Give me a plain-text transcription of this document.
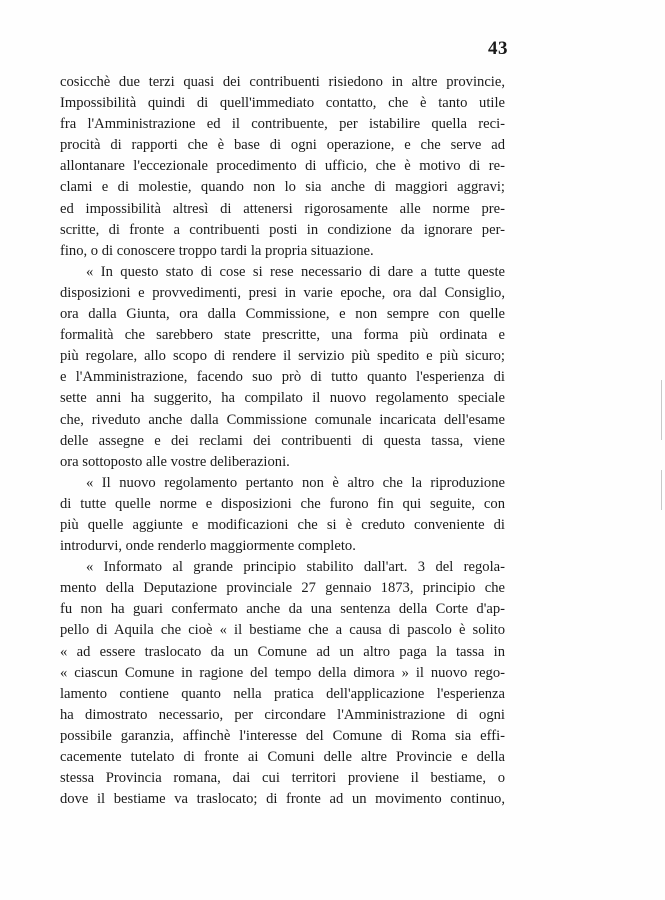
43
cosicchè due terzi quasi dei contribuenti risiedono in altre provincie,
Impossibilità quindi di quell'immediato contatto, che è tanto utile
fra l'Amministrazione ed il contribuente, per istabilire quella reci-
procità di rapporti che è base di ogni operazione, e che serve ad
allontanare l'eccezionale procedimento di ufficio, che è motivo di re-
clami e di molestie, quando non lo sia anche di maggiori aggravi;
ed impossibilità altresì di attenersi rigorosamente alle norme pre-
scritte, di fronte a contribuenti posti in condizione da ignorare per-
fino, o di conoscere troppo tardi la propria situazione.
« In questo stato di cose si rese necessario di dare a tutte queste
disposizioni e provvedimenti, presi in varie epoche, ora dal Consiglio,
ora dalla Giunta, ora dalla Commissione, e non sempre con quelle
formalità che sarebbero state prescritte, una forma più ordinata e
più regolare, allo scopo di rendere il servizio più spedito e più sicuro;
e l'Amministrazione, facendo suo prò di tutto quanto l'esperienza di
sette anni ha suggerito, ha compilato il nuovo regolamento speciale
che, riveduto anche dalla Commissione comunale incaricata dell'esame
delle assegne e dei reclami dei contribuenti di questa tassa, viene
ora sottoposto alle vostre deliberazioni.
« Il nuovo regolamento pertanto non è altro che la riproduzione
di tutte quelle norme e disposizioni che furono fin qui seguite, con
più quelle aggiunte e modificazioni che si è creduto conveniente di
introdurvi, onde renderlo maggiormente completo.
« Informato al grande principio stabilito dall'art. 3 del regola-
mento della Deputazione provinciale 27 gennaio 1873, principio che
fu non ha guari confermato anche da una sentenza della Corte d'ap-
pello di Aquila che cioè « il bestiame che a causa di pascolo è solito
« ad essere traslocato da un Comune ad un altro paga la tassa in
« ciascun Comune in ragione del tempo della dimora » il nuovo rego-
lamento contiene quanto nella pratica dell'applicazione l'esperienza
ha dimostrato necessario, per circondare l'Amministrazione di ogni
possibile garanzia, affinchè l'interesse del Comune di Roma sia effi-
cacemente tutelato di fronte ai Comuni delle altre Provincie e della
stessa Provincia romana, dai cui territori proviene il bestiame, o
dove il bestiame va traslocato; di fronte ad un movimento continuo,
